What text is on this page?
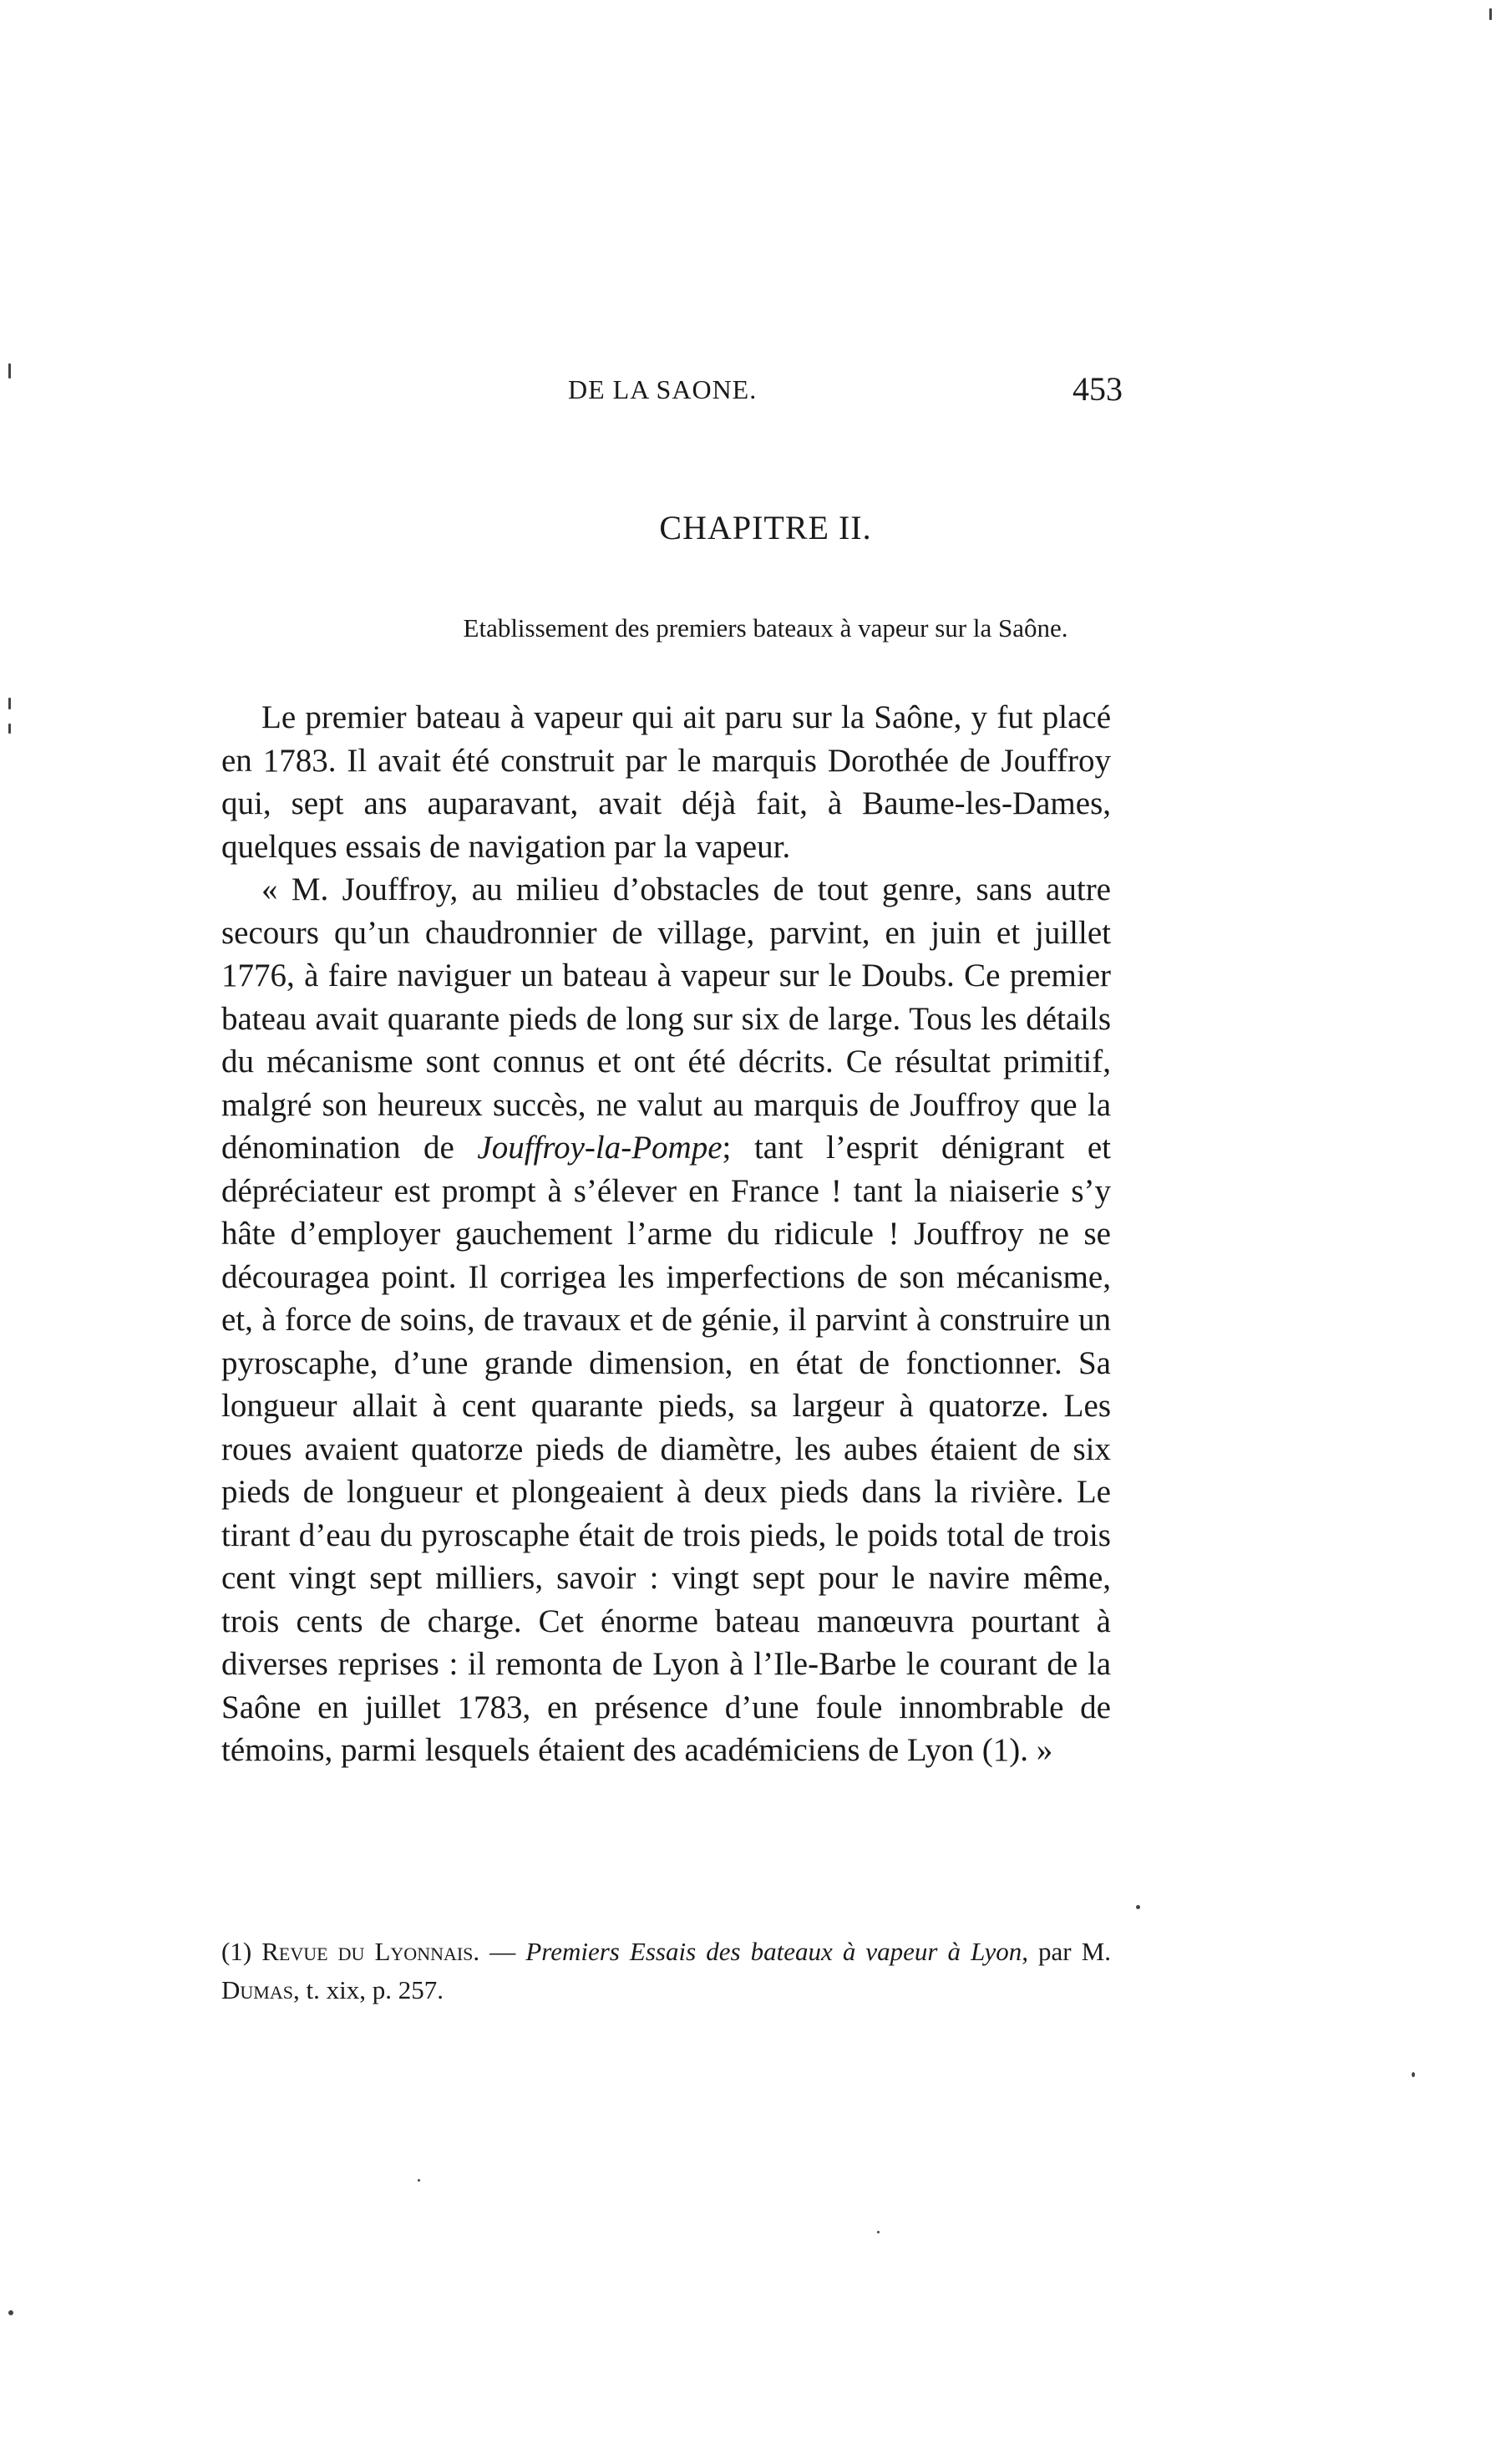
DE LA SAONE.	453
CHAPITRE II.
Etablissement des premiers bateaux à vapeur sur la Saône.

Le premier bateau à vapeur qui ait paru sur la Saône, y fut placé en 1783. Il avait été construit par le marquis Dorothée de Jouffroy qui, sept ans auparavant, avait déjà fait, à Baume-les-Dames, quelques essais de navigation par la vapeur.

« M. Jouffroy, au milieu d’obstacles de tout genre, sans autre secours qu’un chaudronnier de village, parvint, en juin et juillet 1776, à faire naviguer un bateau à vapeur sur le Doubs. Ce premier bateau avait quarante pieds de long sur six de large. Tous les détails du mécanisme sont connus et ont été décrits. Ce résultat primitif, malgré son heureux succès, ne valut au marquis de Jouffroy que la dénomination de Jouffroy-la-Pompe; tant l’esprit dénigrant et dépréciateur est prompt à s’élever en France ! tant la niaiserie s’y hâte d’employer gauchement l’arme du ridicule ! Jouffroy ne se découragea point. Il corrigea les imperfections de son mécanisme, et, à force de soins, de travaux et de génie, il parvint à construire un pyroscaphe, d’une grande dimension, en état de fonctionner. Sa longueur allait à cent quarante pieds, sa largeur à quatorze. Les roues avaient quatorze pieds de diamètre, les aubes étaient de six pieds de longueur et plongeaient à deux pieds dans la rivière. Le tirant d’eau du pyroscaphe était de trois pieds, le poids total de trois cent vingt sept milliers, savoir : vingt sept pour le navire même, trois cents de charge. Cet énorme bateau manœuvra pourtant à diverses reprises : il remonta de Lyon à l’Ile-Barbe le courant de la Saône en juillet 1783, en présence d’une foule innombrable de témoins, parmi lesquels étaient des académiciens de Lyon (1). »

(1) Revue du Lyonnais. — Premiers Essais des bateaux à vapeur à Lyon, par M. Dumas, t. xix, p. 257.
